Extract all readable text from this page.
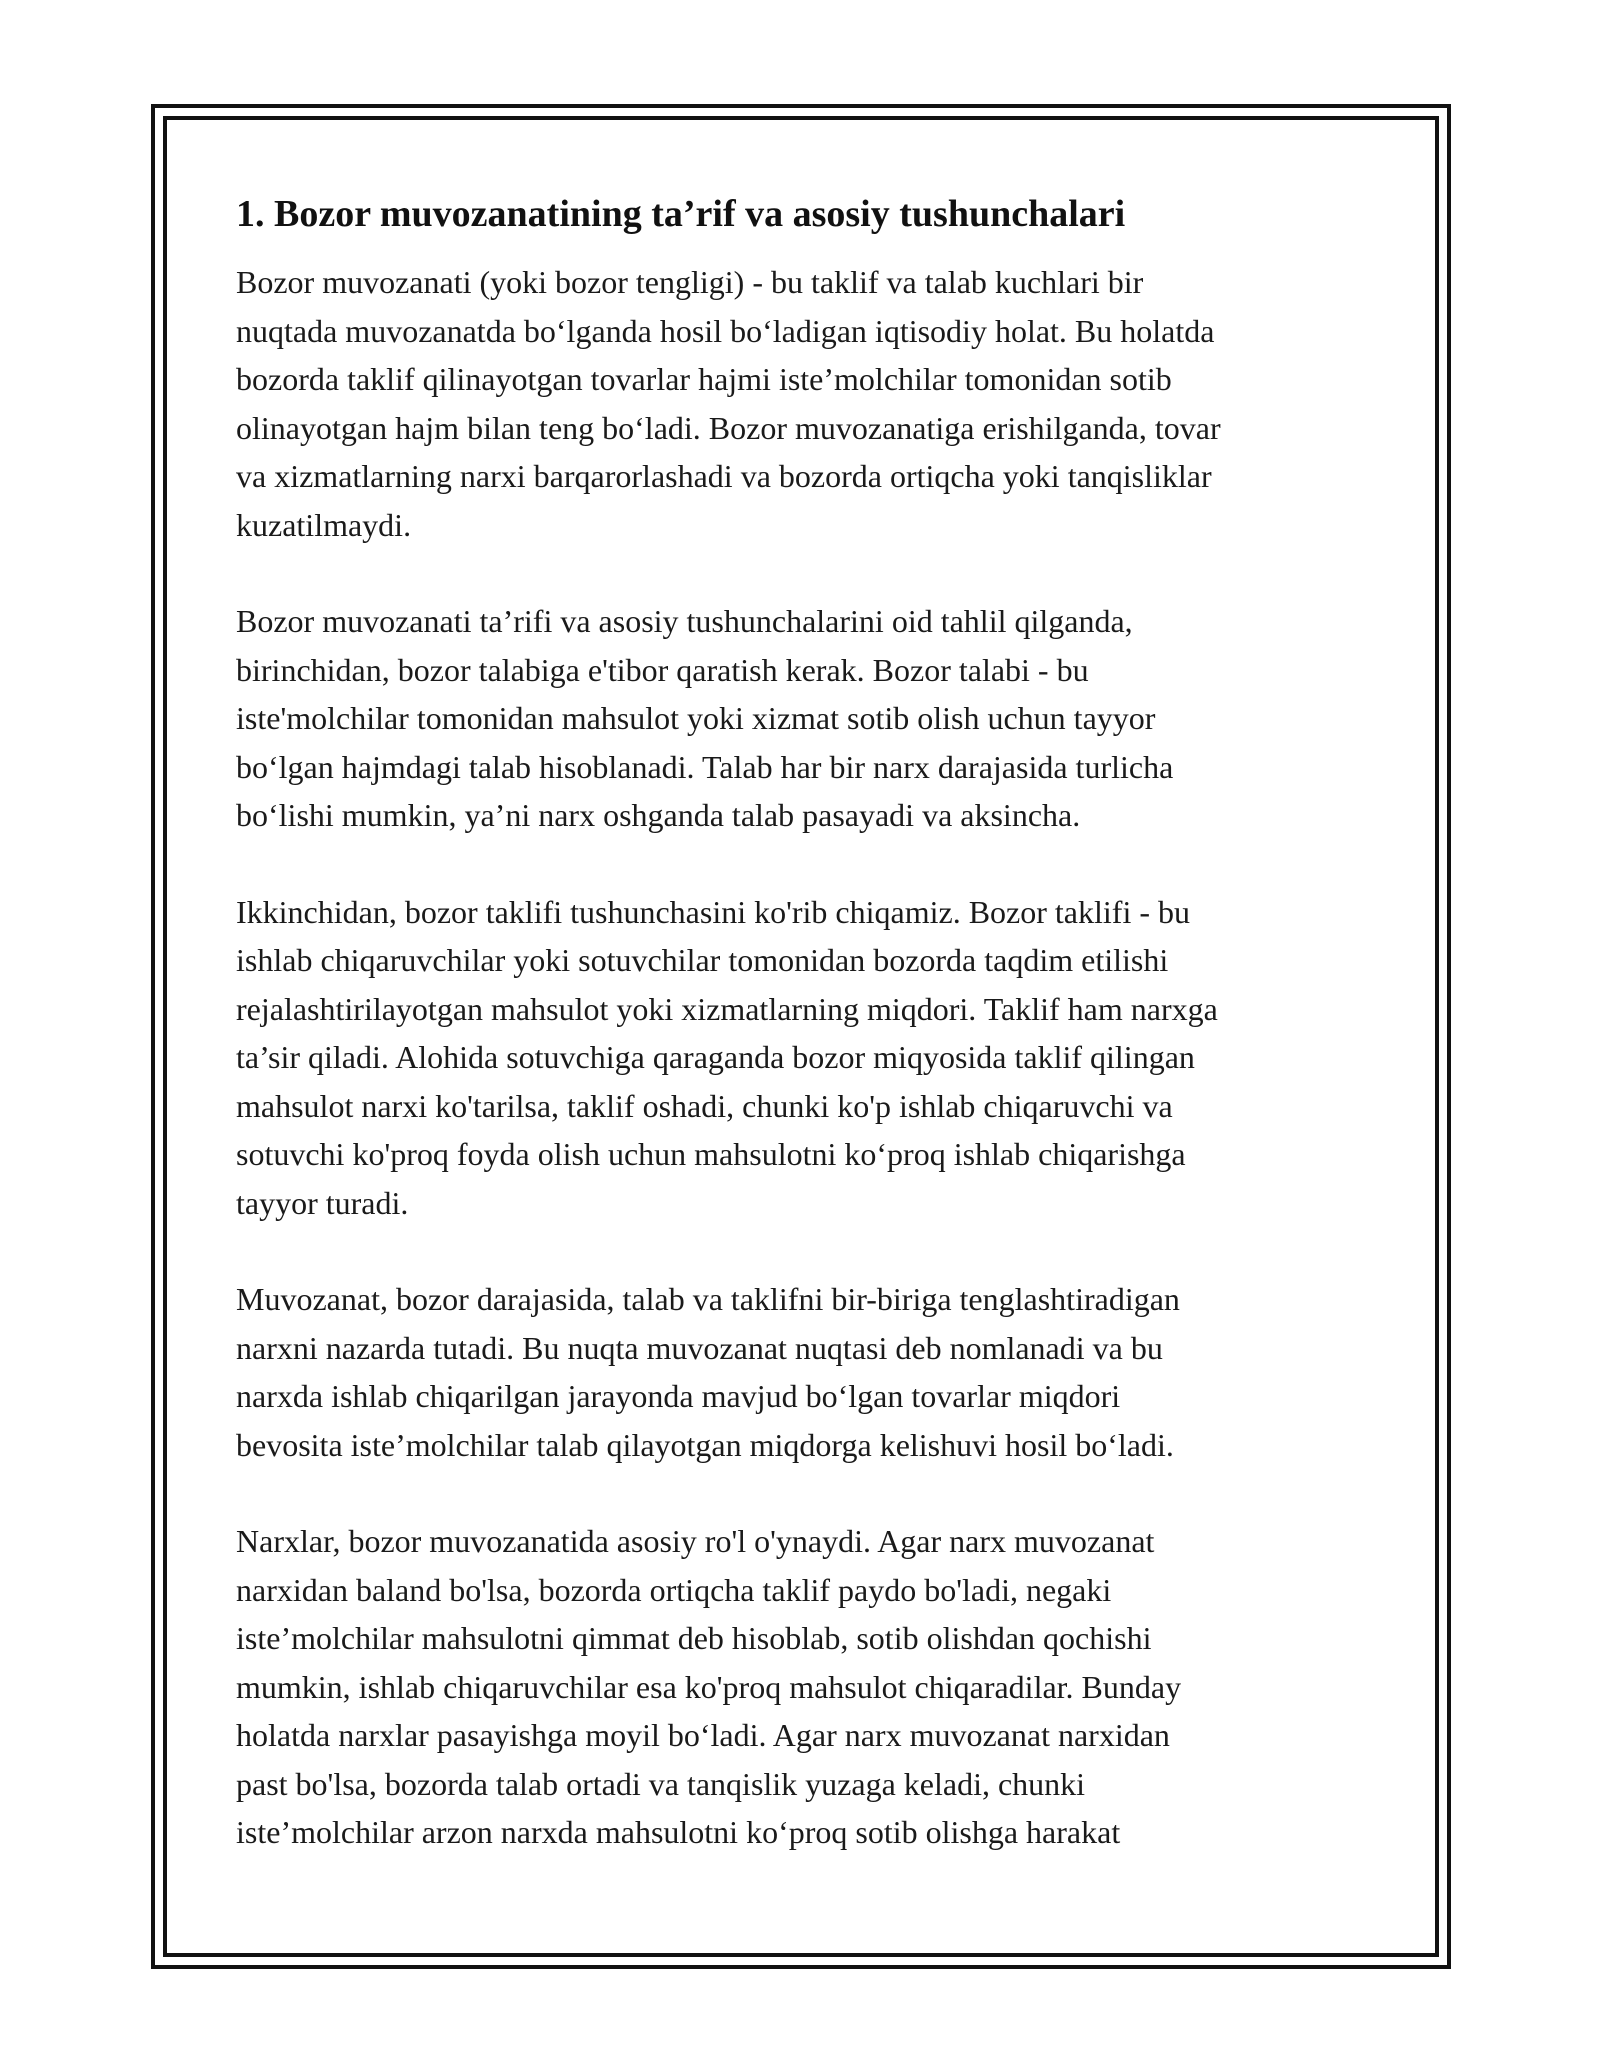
1. Bozor muvozanatining ta’rif va asosiy tushunchalari
Bozor muvozanati (yoki bozor tengligi) - bu taklif va talab kuchlari bir
nuqtada muvozanatda bo‘lganda hosil bo‘ladigan iqtisodiy holat. Bu holatda
bozorda taklif qilinayotgan tovarlar hajmi iste’molchilar tomonidan sotib
olinayotgan hajm bilan teng bo‘ladi. Bozor muvozanatiga erishilganda, tovar
va xizmatlarning narxi barqarorlashadi va bozorda ortiqcha yoki tanqisliklar
kuzatilmaydi.
Bozor muvozanati ta’rifi va asosiy tushunchalarini oid tahlil qilganda,
birinchidan, bozor talabiga e'tibor qaratish kerak. Bozor talabi - bu
iste'molchilar tomonidan mahsulot yoki xizmat sotib olish uchun tayyor
bo‘lgan hajmdagi talab hisoblanadi. Talab har bir narx darajasida turlicha
bo‘lishi mumkin, ya’ni narx oshganda talab pasayadi va aksincha.
Ikkinchidan, bozor taklifi tushunchasini ko'rib chiqamiz. Bozor taklifi - bu
ishlab chiqaruvchilar yoki sotuvchilar tomonidan bozorda taqdim etilishi
rejalashtirilayotgan mahsulot yoki xizmatlarning miqdori. Taklif ham narxga
ta’sir qiladi. Alohida sotuvchiga qaraganda bozor miqyosida taklif qilingan
mahsulot narxi ko'tarilsa, taklif oshadi, chunki ko'p ishlab chiqaruvchi va
sotuvchi ko'proq foyda olish uchun mahsulotni ko‘proq ishlab chiqarishga
tayyor turadi.
Muvozanat, bozor darajasida, talab va taklifni bir-biriga tenglashtiradigan
narxni nazarda tutadi. Bu nuqta muvozanat nuqtasi deb nomlanadi va bu
narxda ishlab chiqarilgan jarayonda mavjud bo‘lgan tovarlar miqdori
bevosita iste’molchilar talab qilayotgan miqdorga kelishuvi hosil bo‘ladi.
Narxlar, bozor muvozanatida asosiy ro'l o'ynaydi. Agar narx muvozanat
narxidan baland bo'lsa, bozorda ortiqcha taklif paydo bo'ladi, negaki
iste’molchilar mahsulotni qimmat deb hisoblab, sotib olishdan qochishi
mumkin, ishlab chiqaruvchilar esa ko'proq mahsulot chiqaradilar. Bunday
holatda narxlar pasayishga moyil bo‘ladi. Agar narx muvozanat narxidan
past bo'lsa, bozorda talab ortadi va tanqislik yuzaga keladi, chunki
iste’molchilar arzon narxda mahsulotni ko‘proq sotib olishga harakat
